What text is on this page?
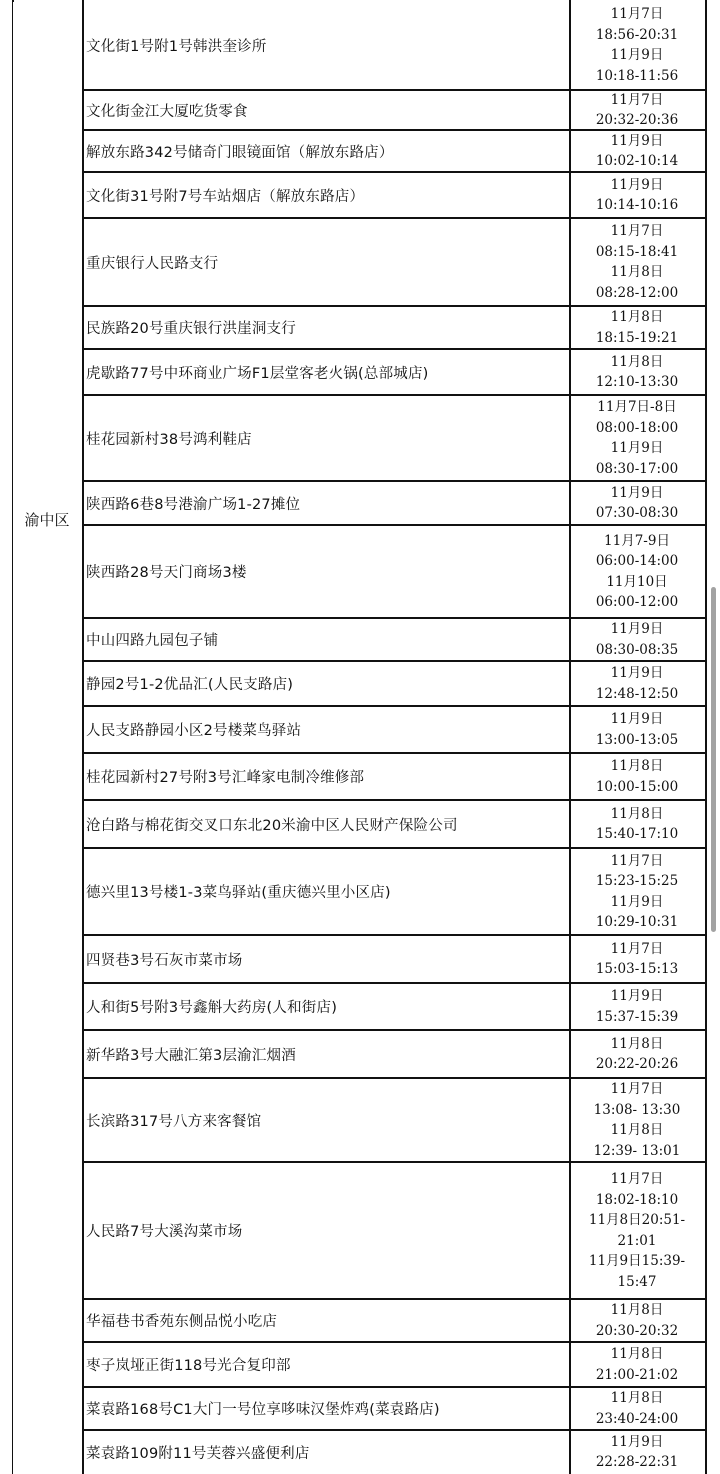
渝中区
文化街1号附1号韩洪奎诊所
11月7日
18:56-20:31
11月9日
10:18-11:56
文化街金江大厦吃货零食
11月7日
20:32-20:36
解放东路342号储奇门眼镜面馆（解放东路店）
11月9日
10:02-10:14
文化街31号附7号车站烟店（解放东路店）
11月9日
10:14-10:16
重庆银行人民路支行
11月7日
08:15-18:41
11月8日
08:28-12:00
民族路20号重庆银行洪崖洞支行
11月8日
18:15-19:21
虎歇路77号中环商业广场F1层堂客老火锅(总部城店)
11月8日
12:10-13:30
桂花园新村38号鸿利鞋店
11月7日-8日
08:00-18:00
11月9日
08:30-17:00
陕西路6巷8号港渝广场1-27摊位
11月9日
07:30-08:30
陕西路28号天门商场3楼
11月7-9日
06:00-14:00
11月10日
06:00-12:00
中山四路九园包子铺
11月9日
08:30-08:35
静园2号1-2优品汇(人民支路店)
11月9日
12:48-12:50
人民支路静园小区2号楼菜鸟驿站
11月9日
13:00-13:05
桂花园新村27号附3号汇峰家电制冷维修部
11月8日
10:00-15:00
沧白路与棉花街交叉口东北20米渝中区人民财产保险公司
11月8日
15:40-17:10
德兴里13号楼1-3菜鸟驿站(重庆德兴里小区店)
11月7日
15:23-15:25
11月9日
10:29-10:31
四贤巷3号石灰市菜市场
11月7日
15:03-15:13
人和街5号附3号鑫斛大药房(人和街店)
11月9日
15:37-15:39
新华路3号大融汇第3层渝汇烟酒
11月8日
20:22-20:26
长滨路317号八方来客餐馆
11月7日
13:08- 13:30
11月8日
12:39- 13:01
人民路7号大溪沟菜市场
11月7日
18:02-18:10
11月8日20:51-
21:01
11月9日15:39-
15:47
华福巷书香苑东侧品悦小吃店
11月8日
20:30-20:32
枣子岚垭正街118号光合复印部
11月8日
21:00-21:02
菜袁路168号C1大门一号位享哆味汉堡炸鸡(菜袁路店)
11月8日
23:40-24:00
菜袁路109附11号芙蓉兴盛便利店
11月9日
22:28-22:31
